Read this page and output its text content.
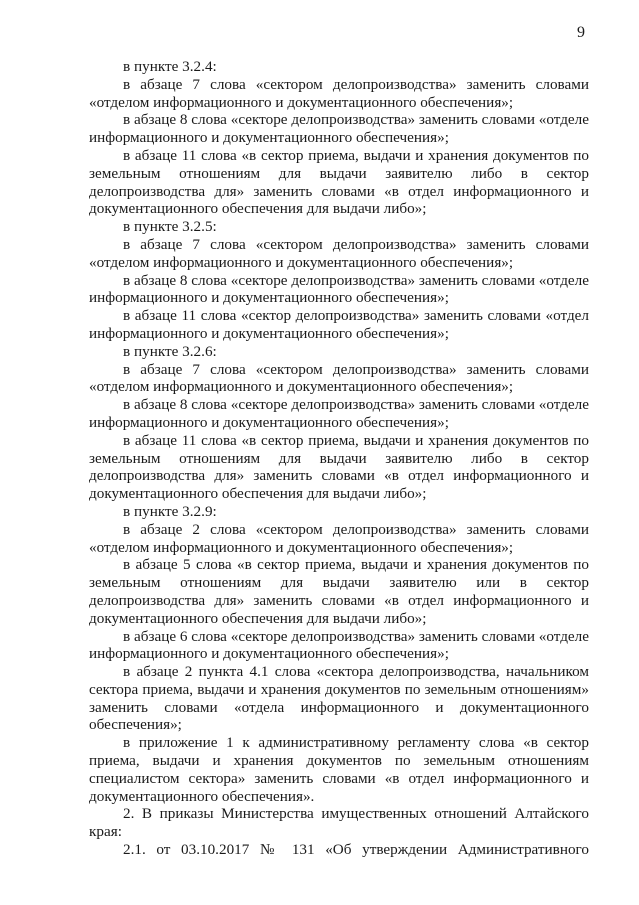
9

в пункте 3.2.4:

в абзаце 7 слова «сектором делопроизводства» заменить словами «отделом информационного и документационного обеспечения»;

в абзаце 8 слова «секторе делопроизводства» заменить словами «отделе информационного и документационного обеспечения»;

в абзаце 11 слова «в сектор приема, выдачи и хранения документов по земельным отношениям для выдачи заявителю либо в сектор делопроизводства для» заменить словами «в отдел информационного и документационного обеспечения для выдачи либо»;

в пункте 3.2.5:

в абзаце 7 слова «сектором делопроизводства» заменить словами «отделом информационного и документационного обеспечения»;

в абзаце 8 слова «секторе делопроизводства» заменить словами «отделе информационного и документационного обеспечения»;

в абзаце 11 слова «сектор делопроизводства» заменить словами «отдел информационного и документационного обеспечения»;

в пункте 3.2.6:

в абзаце 7 слова «сектором делопроизводства» заменить словами «отделом информационного и документационного обеспечения»;

в абзаце 8 слова «секторе делопроизводства» заменить словами «отделе информационного и документационного обеспечения»;

в абзаце 11 слова «в сектор приема, выдачи и хранения документов по земельным отношениям для выдачи заявителю либо в сектор делопроизводства для» заменить словами «в отдел информационного и документационного обеспечения для выдачи либо»;

в пункте 3.2.9:

в абзаце 2 слова «сектором делопроизводства» заменить словами «отделом информационного и документационного обеспечения»;

в абзаце 5 слова «в сектор приема, выдачи и хранения документов по земельным отношениям для выдачи заявителю или в сектор делопроизводства для» заменить словами «в отдел информационного и документационного обеспечения для выдачи либо»;

в абзаце 6 слова «секторе делопроизводства» заменить словами «отделе информационного и документационного обеспечения»;

в абзаце 2 пункта 4.1 слова «сектора делопроизводства, начальником сектора приема, выдачи и хранения документов по земельным отношениям» заменить словами «отдела информационного и документационного обеспечения»;

в приложение 1 к административному регламенту слова «в сектор приема, выдачи и хранения документов по земельным отношениям специалистом сектора» заменить словами «в отдел информационного и документационного обеспечения».

2. В приказы Министерства имущественных отношений Алтайского края:

2.1. от 03.10.2017 № 131 «Об утверждении Административного
